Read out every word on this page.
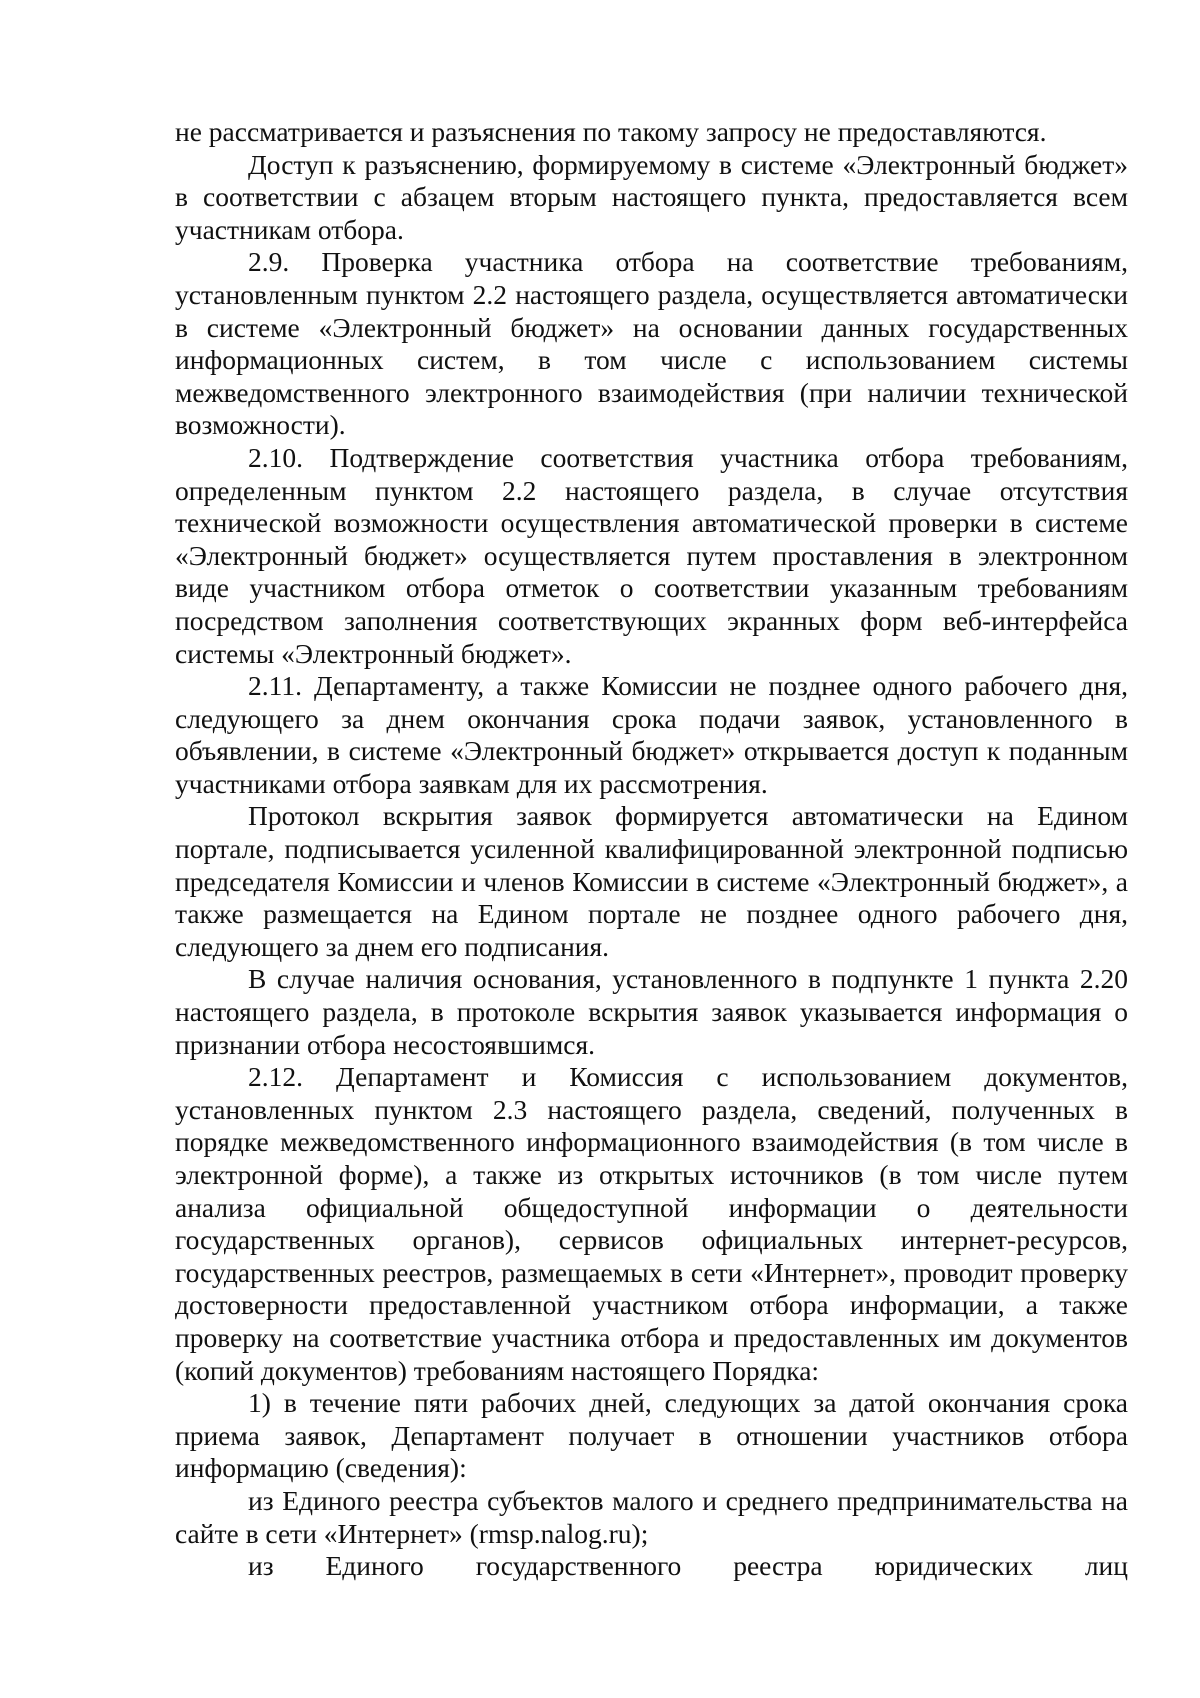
не рассматривается и разъяснения по такому запросу не предоставляются.

Доступ к разъяснению, формируемому в системе «Электронный бюджет» в соответствии с абзацем вторым настоящего пункта, предоставляется всем участникам отбора.

2.9. Проверка участника отбора на соответствие требованиям, установленным пунктом 2.2 настоящего раздела, осуществляется автоматически в системе «Электронный бюджет» на основании данных государственных информационных систем, в том числе с использованием системы межведомственного электронного взаимодействия (при наличии технической возможности).

2.10. Подтверждение соответствия участника отбора требованиям, определенным пунктом 2.2 настоящего раздела, в случае отсутствия технической возможности осуществления автоматической проверки в системе «Электронный бюджет» осуществляется путем проставления в электронном виде участником отбора отметок о соответствии указанным требованиям посредством заполнения соответствующих экранных форм веб-интерфейса системы «Электронный бюджет».

2.11. Департаменту, а также Комиссии не позднее одного рабочего дня, следующего за днем окончания срока подачи заявок, установленного в объявлении, в системе «Электронный бюджет» открывается доступ к поданным участниками отбора заявкам для их рассмотрения.

Протокол вскрытия заявок формируется автоматически на Едином портале, подписывается усиленной квалифицированной электронной подписью председателя Комиссии и членов Комиссии в системе «Электронный бюджет», а также размещается на Едином портале не позднее одного рабочего дня, следующего за днем его подписания.

В случае наличия основания, установленного в подпункте 1 пункта 2.20 настоящего раздела, в протоколе вскрытия заявок указывается информация о признании отбора несостоявшимся.

2.12. Департамент и Комиссия с использованием документов, установленных пунктом 2.3 настоящего раздела, сведений, полученных в порядке межведомственного информационного взаимодействия (в том числе в электронной форме), а также из открытых источников (в том числе путем анализа официальной общедоступной информации о деятельности государственных органов), сервисов официальных интернет-ресурсов, государственных реестров, размещаемых в сети «Интернет», проводит проверку достоверности предоставленной участником отбора информации, а также проверку на соответствие участника отбора и предоставленных им документов (копий документов) требованиям настоящего Порядка:

1) в течение пяти рабочих дней, следующих за датой окончания срока приема заявок, Департамент получает в отношении участников отбора информацию (сведения):

из Единого реестра субъектов малого и среднего предпринимательства на сайте в сети «Интернет» (rmsp.nalog.ru);

из Единого государственного реестра юридических лиц
